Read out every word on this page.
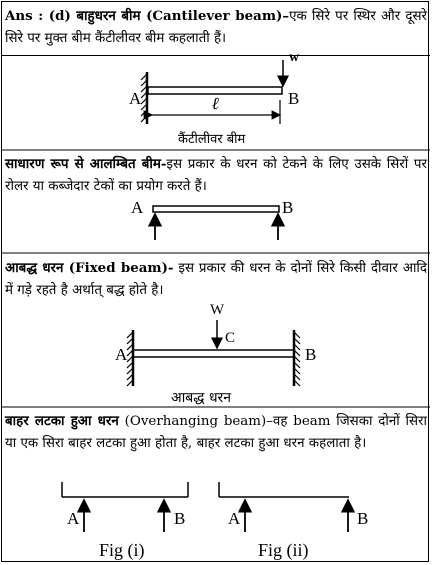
Ans : (d) बाहुधरन बीम (Cantilever beam)–एक सिरे पर स्थिर और दूसरे सिरे पर मुक्त बीम कैंटीलीवर बीम कहलाती हैं।
A	B
w
ℓ
कैंटीलीवर बीम
साधारण रूप से आलम्बित बीम-इस प्रकार के धरन को टेकने के लिए उसके सिरों पर रोलर या कब्जेदार टेकों का प्रयोग करते हैं।
A	B
आबद्ध धरन (Fixed beam)- इस प्रकार की धरन के दोनों सिरे किसी दीवार आदि में गड़े रहते है अर्थात् बद्ध होते है।
W
C
A	B
आबद्ध धरन
बाहर लटका हुआ धरन (Overhanging beam)–वह beam जिसका दोनों सिरा या एक सिरा बाहर लटका हुआ होता है, बाहर लटका हुआ धरन कहलाता है।
A	B
Fig (i)
A	B
Fig (ii)
